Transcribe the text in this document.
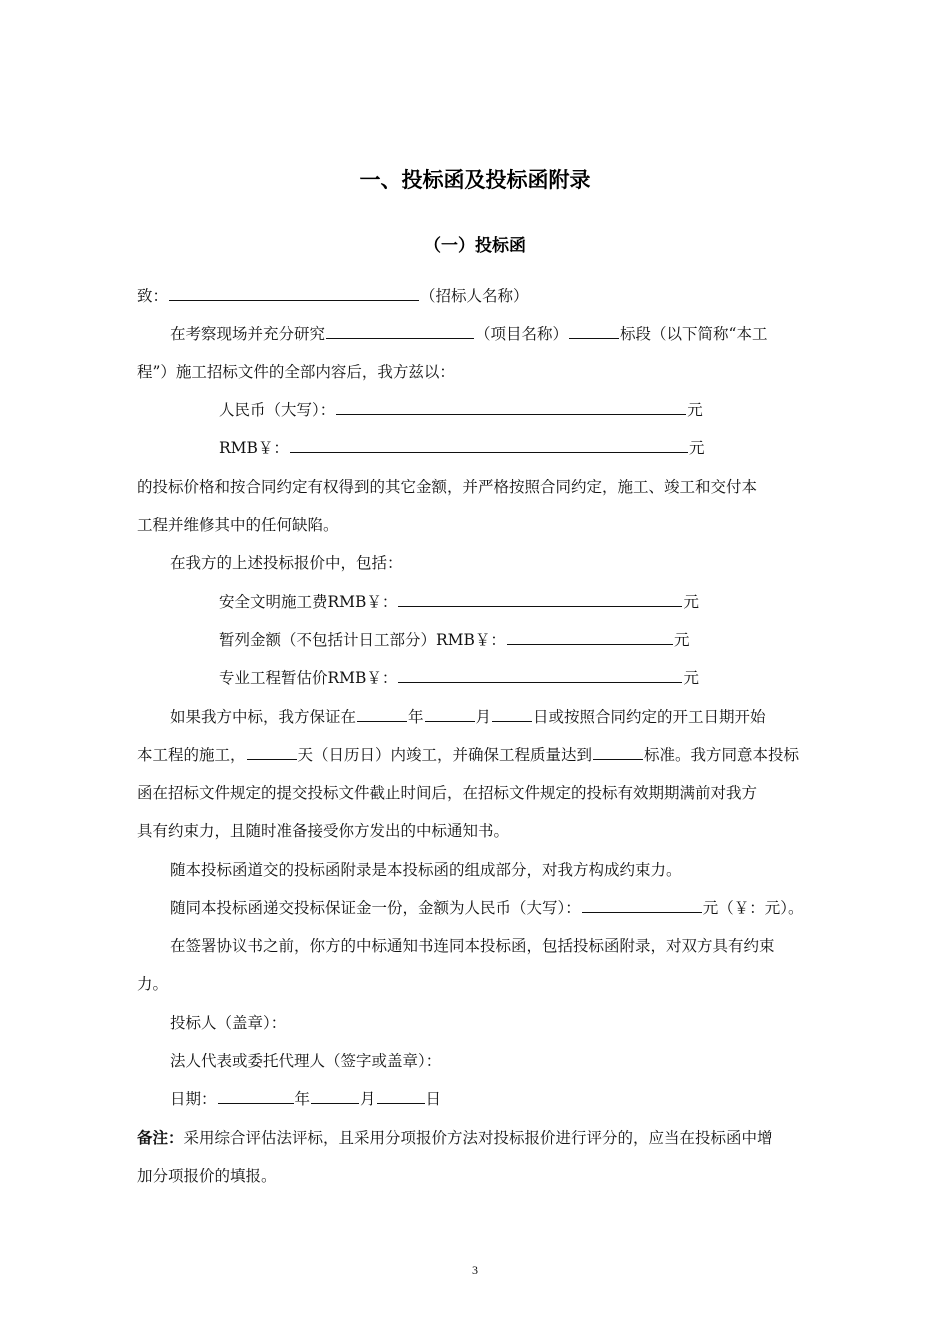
一、投标函及投标函附录
（一）投标函
致：	（招标人名称）
在考察现场并充分研究	（项目名称）	标段（以下简称“本工
程”）施工招标文件的全部内容后，我方兹以：
人民币（大写）：	元
RMB￥：	元
的投标价格和按合同约定有权得到的其它金额，并严格按照合同约定，施工、竣工和交付本
工程并维修其中的任何缺陷。
在我方的上述投标报价中，包括：
安全文明施工费RMB￥：	元
暂列金额（不包括计日工部分）RMB￥：	元
专业工程暂估价RMB￥：	元
如果我方中标，我方保证在	年	月	日或按照合同约定的开工日期开始
本工程的施工，	天（日历日）内竣工，并确保工程质量达到	标准。我方同意本投标
函在招标文件规定的提交投标文件截止时间后，在招标文件规定的投标有效期期满前对我方
具有约束力，且随时准备接受你方发出的中标通知书。
随本投标函道交的投标函附录是本投标函的组成部分，对我方构成约束力。
随同本投标函递交投标保证金一份，金额为人民币（大写）：	元（￥：元）。
在签署协议书之前，你方的中标通知书连同本投标函，包括投标函附录，对双方具有约束
力。
投标人（盖章）：
法人代表或委托代理人（签字或盖章）：
日期：	年	月	日
备注：采用综合评估法评标，且采用分项报价方法对投标报价进行评分的，应当在投标函中增
加分项报价的填报。
3
